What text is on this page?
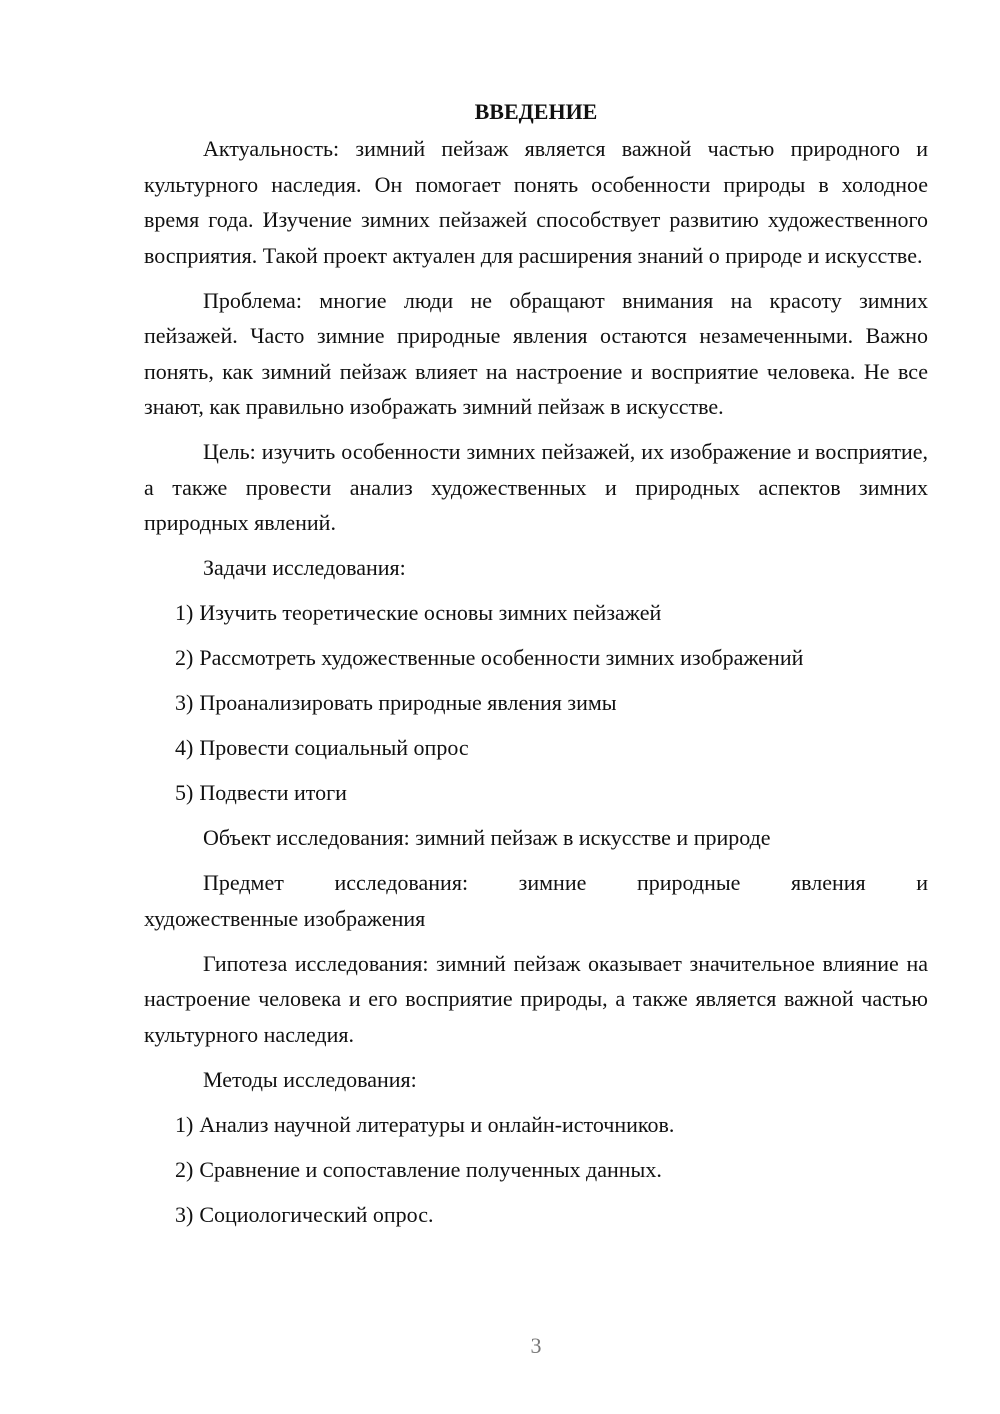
ВВЕДЕНИЕ

Актуальность: зимний пейзаж является важной частью природного и культурного наследия. Он помогает понять особенности природы в холодное время года. Изучение зимних пейзажей способствует развитию художественного восприятия. Такой проект актуален для расширения знаний о природе и искусстве.

Проблема: многие люди не обращают внимания на красоту зимних пейзажей. Часто зимние природные явления остаются незамеченными. Важно понять, как зимний пейзаж влияет на настроение и восприятие человека. Не все знают, как правильно изображать зимний пейзаж в искусстве.

Цель: изучить особенности зимних пейзажей, их изображение и восприятие, а также провести анализ художественных и природных аспектов зимних природных явлений.

Задачи исследования:

1) Изучить теоретические основы зимних пейзажей
2) Рассмотреть художественные особенности зимних изображений
3) Проанализировать природные явления зимы
4) Провести социальный опрос
5) Подвести итоги

Объект исследования: зимний пейзаж в искусстве и природе

Предмет исследования: зимние природные явления и
художественные изображения

Гипотеза исследования: зимний пейзаж оказывает значительное влияние на настроение человека и его восприятие природы, а также является важной частью культурного наследия.

Методы исследования:

1) Анализ научной литературы и онлайн-источников.
2) Сравнение и сопоставление полученных данных.
3) Социологический опрос.
3
